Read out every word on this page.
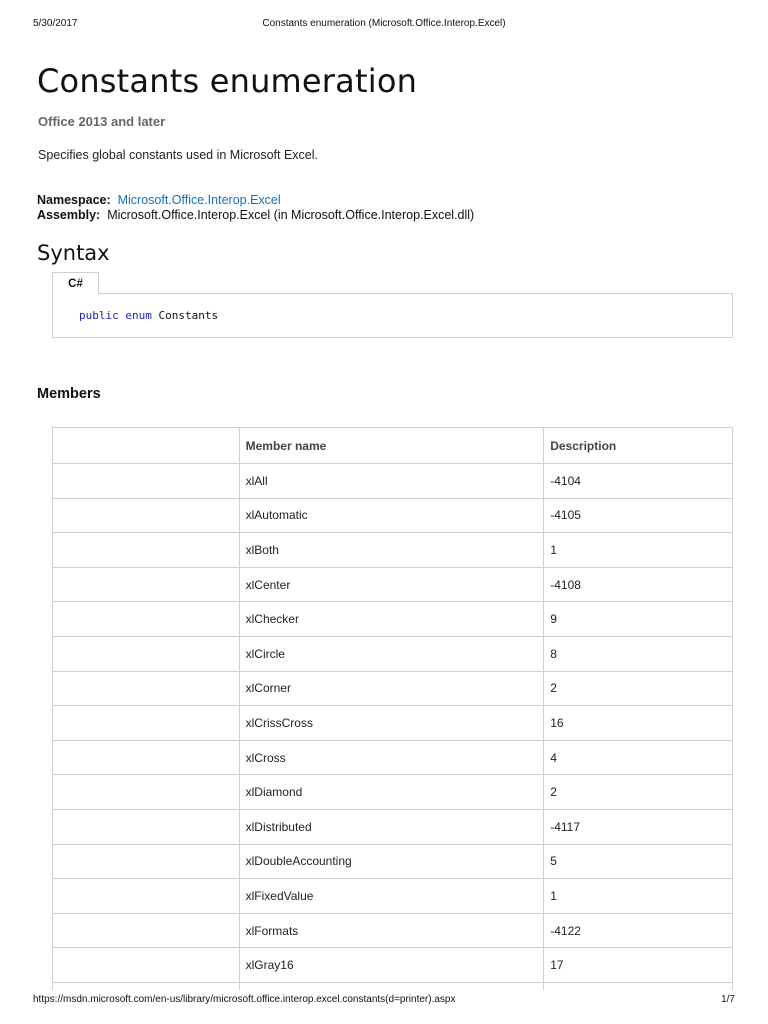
5/30/2017	Constants enumeration (Microsoft.Office.Interop.Excel)
Constants enumeration
Office 2013 and later
Specifies global constants used in Microsoft Excel.
Namespace: Microsoft.Office.Interop.Excel
Assembly: Microsoft.Office.Interop.Excel (in Microsoft.Office.Interop.Excel.dll)
Syntax
C#
public enum Constants
Members
	Member name	Description
	xlAll	-4104
	xlAutomatic	-4105
	xlBoth	1
	xlCenter	-4108
	xlChecker	9
	xlCircle	8
	xlCorner	2
	xlCrissCross	16
	xlCross	4
	xlDiamond	2
	xlDistributed	-4117
	xlDoubleAccounting	5
	xlFixedValue	1
	xlFormats	-4122
	xlGray16	17

https://msdn.microsoft.com/en-us/library/microsoft.office.interop.excel.constants(d=printer).aspx	1/7
